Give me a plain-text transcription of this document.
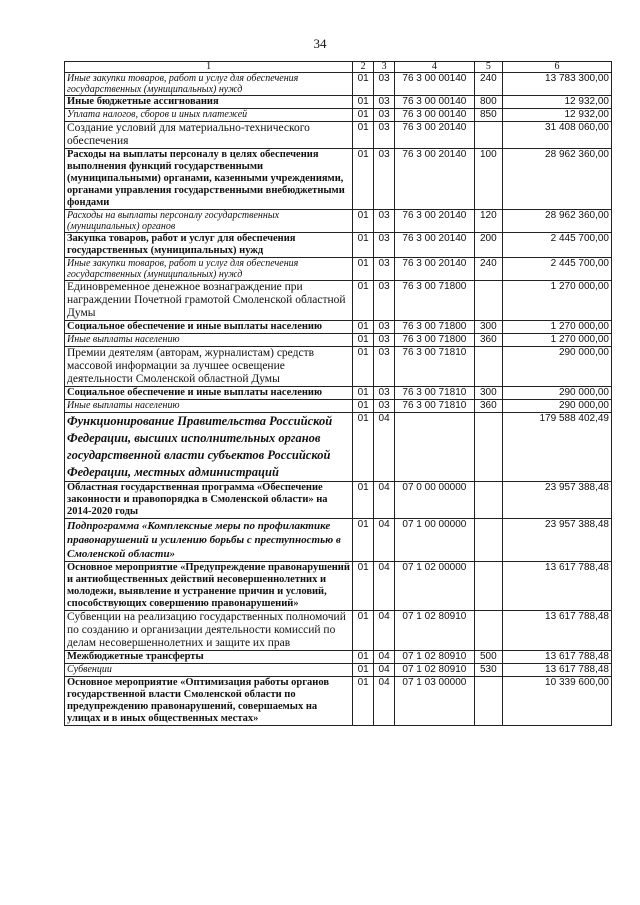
34
1	2	3	4	5	6
Иные закупки товаров, работ и услуг для обеспечения государственных (муниципальных) нужд	01	03	76 3 00 00140	240	13 783 300,00
Иные бюджетные ассигнования	01	03	76 3 00 00140	800	12 932,00
Уплата налогов, сборов и иных платежей	01	03	76 3 00 00140	850	12 932,00
Создание условий для материально-технического обеспечения	01	03	76 3 00 20140		31 408 060,00
Расходы на выплаты персоналу в целях обеспечения выполнения функций государственными (муниципальными) органами, казенными учреждениями, органами управления государственными внебюджетными фондами	01	03	76 3 00 20140	100	28 962 360,00
Расходы на выплаты персоналу государственных (муниципальных) органов	01	03	76 3 00 20140	120	28 962 360,00
Закупка товаров, работ и услуг для обеспечения государственных (муниципальных) нужд	01	03	76 3 00 20140	200	2 445 700,00
Иные закупки товаров, работ и услуг для обеспечения государственных (муниципальных) нужд	01	03	76 3 00 20140	240	2 445 700,00
Единовременное денежное вознаграждение при награждении Почетной грамотой Смоленской областной Думы	01	03	76 3 00 71800		1 270 000,00
Социальное обеспечение и иные выплаты населению	01	03	76 3 00 71800	300	1 270 000,00
Иные выплаты населению	01	03	76 3 00 71800	360	1 270 000,00
Премии деятелям (авторам, журналистам) средств массовой информации за лучшее освещение деятельности Смоленской областной Думы	01	03	76 3 00 71810		290 000,00
Социальное обеспечение и иные выплаты населению	01	03	76 3 00 71810	300	290 000,00
Иные выплаты населению	01	03	76 3 00 71810	360	290 000,00
Функционирование Правительства Российской Федерации, высших исполнительных органов государственной власти субъектов Российской Федерации, местных администраций	01	04			179 588 402,49
Областная государственная программа «Обеспечение законности и правопорядка в Смоленской области» на 2014-2020 годы	01	04	07 0 00 00000		23 957 388,48
Подпрограмма «Комплексные меры по профилактике правонарушений и усилению борьбы с преступностью в Смоленской области»	01	04	07 1 00 00000		23 957 388,48
Основное мероприятие «Предупреждение правонарушений и антиобщественных действий несовершеннолетних и молодежи, выявление и устранение причин и условий, способствующих совершению правонарушений»	01	04	07 1 02 00000		13 617 788,48
Субвенции на реализацию государственных полномочий по созданию и организации деятельности комиссий по делам несовершеннолетних и защите их прав	01	04	07 1 02 80910		13 617 788,48
Межбюджетные трансферты	01	04	07 1 02 80910	500	13 617 788,48
Субвенции	01	04	07 1 02 80910	530	13 617 788,48
Основное мероприятие «Оптимизация работы органов государственной власти Смоленской области по предупреждению правонарушений, совершаемых на улицах и в иных общественных местах»	01	04	07 1 03 00000		10 339 600,00
